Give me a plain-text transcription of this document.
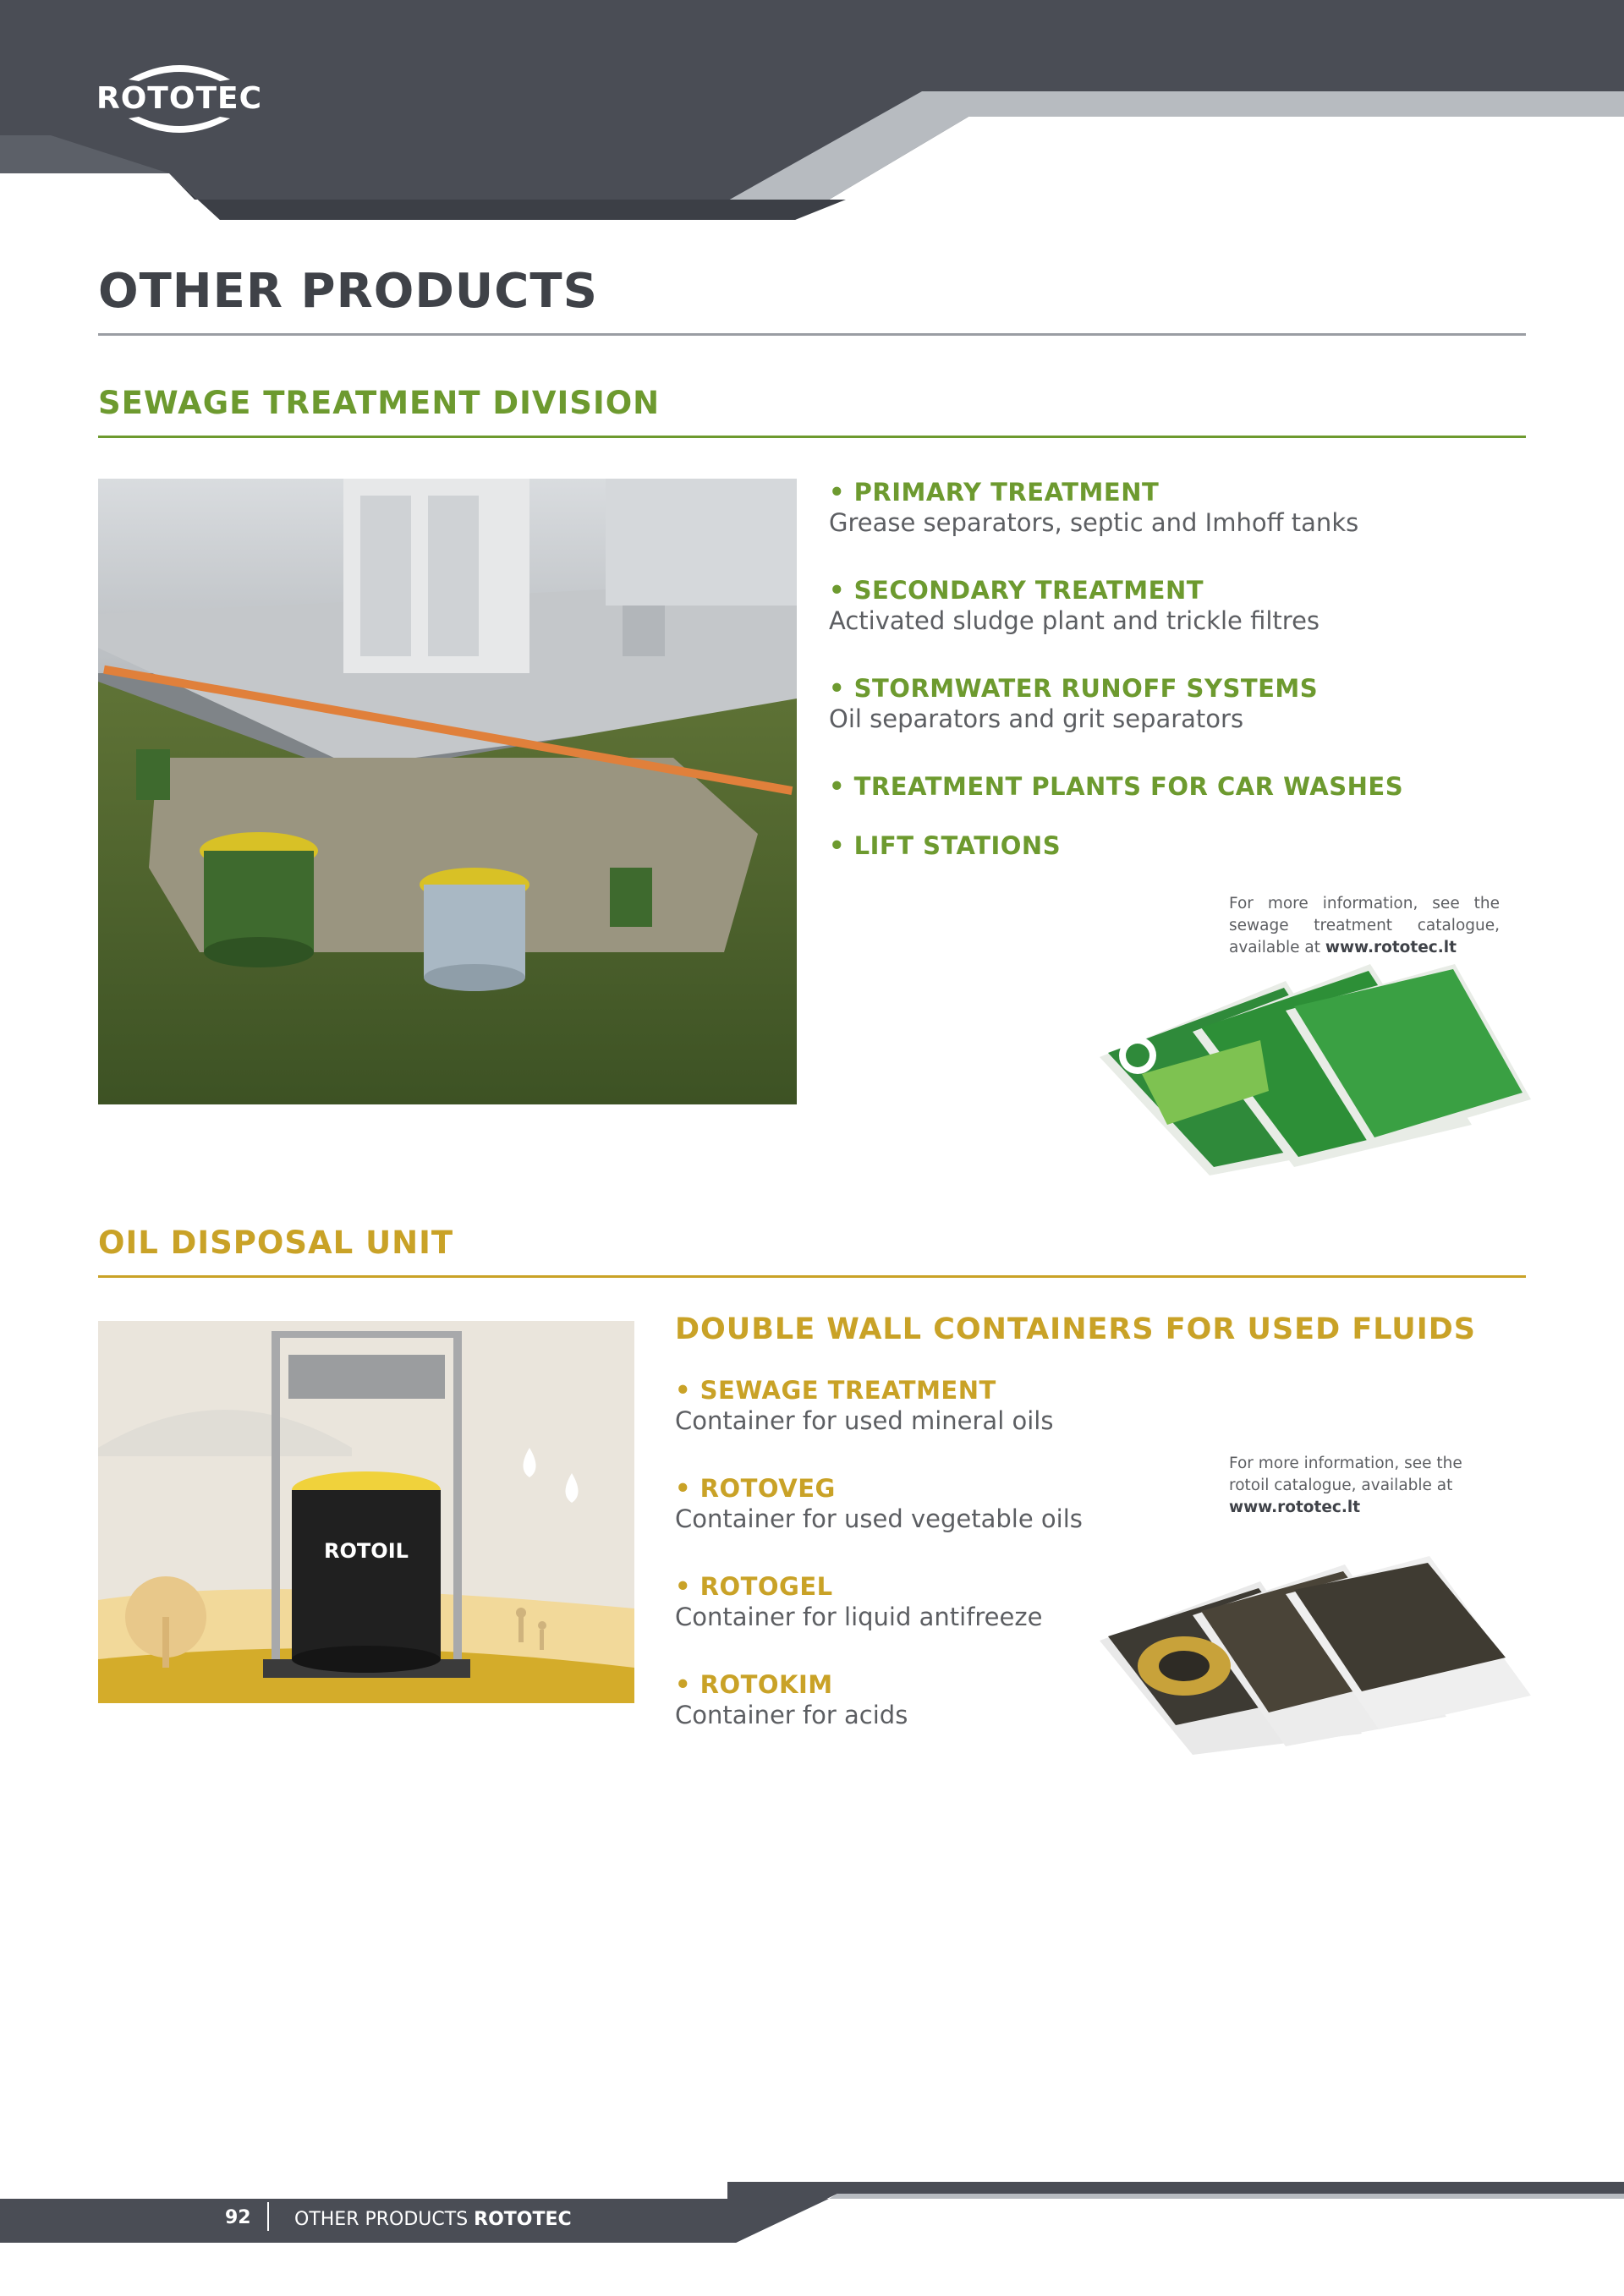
ROTOTEC
OTHER PRODUCTS
SEWAGE TREATMENT DIVISION
• PRIMARY TREATMENT
Grease separators, septic and Imhoff tanks
• SECONDARY TREATMENT
Activated sludge plant and trickle filtres
• STORMWATER RUNOFF SYSTEMS
Oil separators and grit separators
• TREATMENT PLANTS FOR CAR WASHES
• LIFT STATIONS
For more information, see the sewage treatment catalogue, available at www.rototec.lt
OIL DISPOSAL UNIT
ROTOIL
DOUBLE WALL CONTAINERS FOR USED FLUIDS
• SEWAGE TREATMENT
Container for used mineral oils
• ROTOVEG
Container for used vegetable oils
• ROTOGEL
Container for liquid antifreeze
• ROTOKIM
Container for acids
For more information, see the rotoil catalogue, available at www.rototec.lt
92 OTHER PRODUCTS ROTOTEC
